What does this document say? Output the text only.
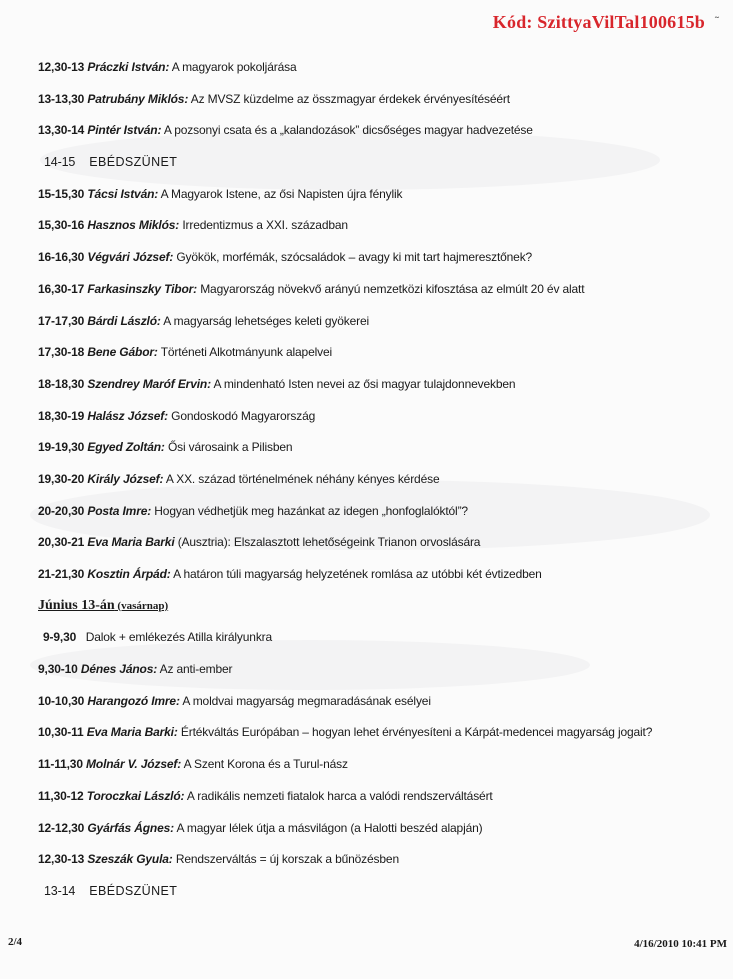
Kód: SzittyaVilTal100615b ˜
12,30-13 Práczki István: A magyarok pokoljárása
13-13,30 Patrubány Miklós: Az MVSZ küzdelme az összmagyar érdekek érvényesítéséért
13,30-14 Pintér István: A pozsonyi csata és a „kalandozások” dicsőséges magyar hadvezetése
14-15 EBÉDSZÜNET
15-15,30 Tácsi István: A Magyarok Istene, az ősi Napisten újra fénylik
15,30-16 Hasznos Miklós: Irredentizmus a XXI. században
16-16,30 Végvári József: Gyökök, morfémák, szócsaládok – avagy ki mit tart hajmeresztőnek?
16,30-17 Farkasinszky Tibor: Magyarország növekvő arányú nemzetközi kifosztása az elmúlt 20 év alatt
17-17,30 Bárdi László: A magyarság lehetséges keleti gyökerei
17,30-18 Bene Gábor: Történeti Alkotmányunk alapelvei
18-18,30 Szendrey Maróf Ervin: A mindenható Isten nevei az ősi magyar tulajdonnevekben
18,30-19 Halász József: Gondoskodó Magyarország
19-19,30 Egyed Zoltán: Ősi városaink a Pilisben
19,30-20 Király József: A XX. század történelmének néhány kényes kérdése
20-20,30 Posta Imre: Hogyan védhetjük meg hazánkat az idegen „honfoglalóktól”?
20,30-21 Eva Maria Barki (Ausztria): Elszalasztott lehetőségeink Trianon orvoslására
21-21,30 Kosztin Árpád: A határon túli magyarság helyzetének romlása az utóbbi két évtizedben
Június 13-án (vasárnap)
9-9,30 Dalok + emlékezés Atilla királyunkra
9,30-10 Dénes János: Az anti-ember
10-10,30 Harangozó Imre: A moldvai magyarság megmaradásának esélyei
10,30-11 Eva Maria Barki: Értékváltás Európában – hogyan lehet érvényesíteni a Kárpát-medencei magyarság jogait?
11-11,30 Molnár V. József: A Szent Korona és a Turul-nász
11,30-12 Toroczkai László: A radikális nemzeti fiatalok harca a valódi rendszerváltásért
12-12,30 Gyárfás Ágnes: A magyar lélek útja a másvilágon (a Halotti beszéd alapján)
12,30-13 Szeszák Gyula: Rendszerváltás = új korszak a bűnözésben
13-14 EBÉDSZÜNET
2/4	4/16/2010 10:41 PM
